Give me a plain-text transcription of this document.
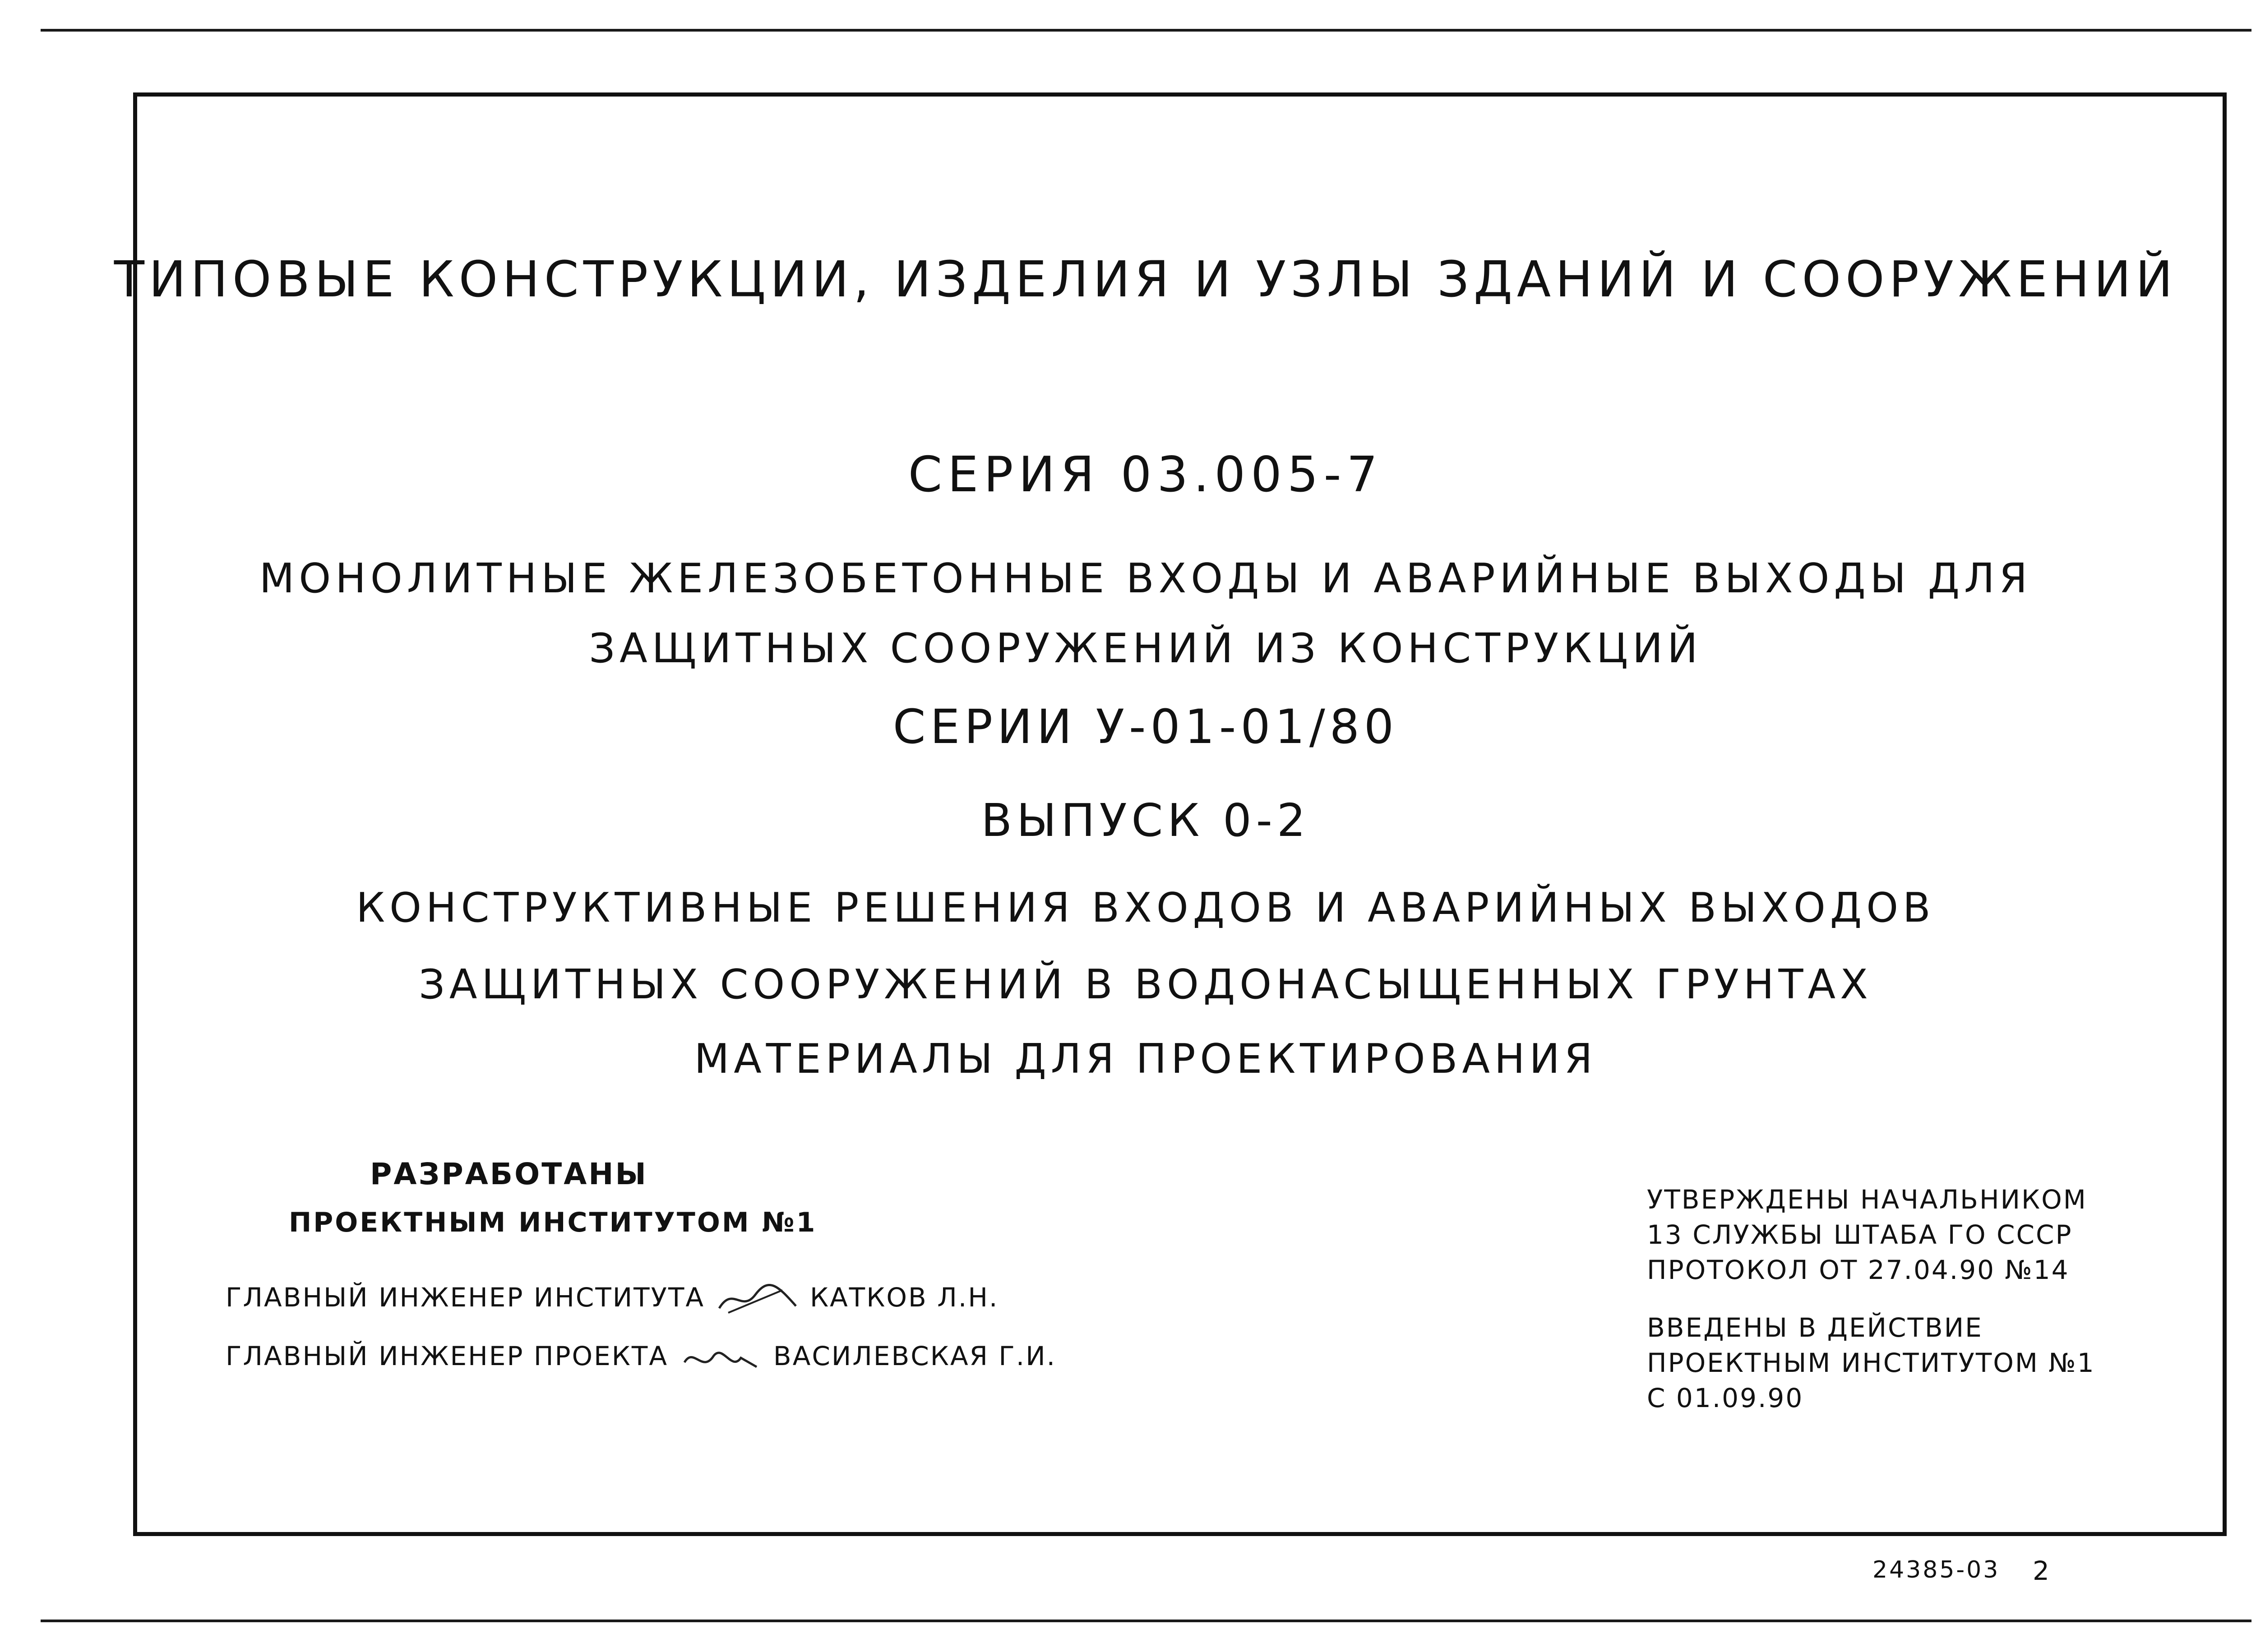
ТИПОВЫЕ КОНСТРУКЦИИ, ИЗДЕЛИЯ И УЗЛЫ ЗДАНИЙ И СООРУЖЕНИЙ
СЕРИЯ 03.005-7
МОНОЛИТНЫЕ ЖЕЛЕЗОБЕТОННЫЕ ВХОДЫ И АВАРИЙНЫЕ ВЫХОДЫ ДЛЯ
ЗАЩИТНЫХ СООРУЖЕНИЙ ИЗ КОНСТРУКЦИЙ
СЕРИИ У-01-01/80
ВЫПУСК 0-2
КОНСТРУКТИВНЫЕ РЕШЕНИЯ ВХОДОВ И АВАРИЙНЫХ ВЫХОДОВ
ЗАЩИТНЫХ СООРУЖЕНИЙ В ВОДОНАСЫЩЕННЫХ ГРУНТАХ
МАТЕРИАЛЫ ДЛЯ ПРОЕКТИРОВАНИЯ
РАЗРАБОТАНЫ
ПРОЕКТНЫМ ИНСТИТУТОМ №1
ГЛАВНЫЙ ИНЖЕНЕР ИНСТИТУТА	КАТКОВ Л.Н.
ГЛАВНЫЙ ИНЖЕНЕР ПРОЕКТА	ВАСИЛЕВСКАЯ Г.И.
УТВЕРЖДЕНЫ НАЧАЛЬНИКОМ
13 СЛУЖБЫ ШТАБА ГО СССР
ПРОТОКОЛ ОТ 27.04.90 №14
ВВЕДЕНЫ В ДЕЙСТВИЕ
ПРОЕКТНЫМ ИНСТИТУТОМ №1
С 01.09.90
24385-03 2
